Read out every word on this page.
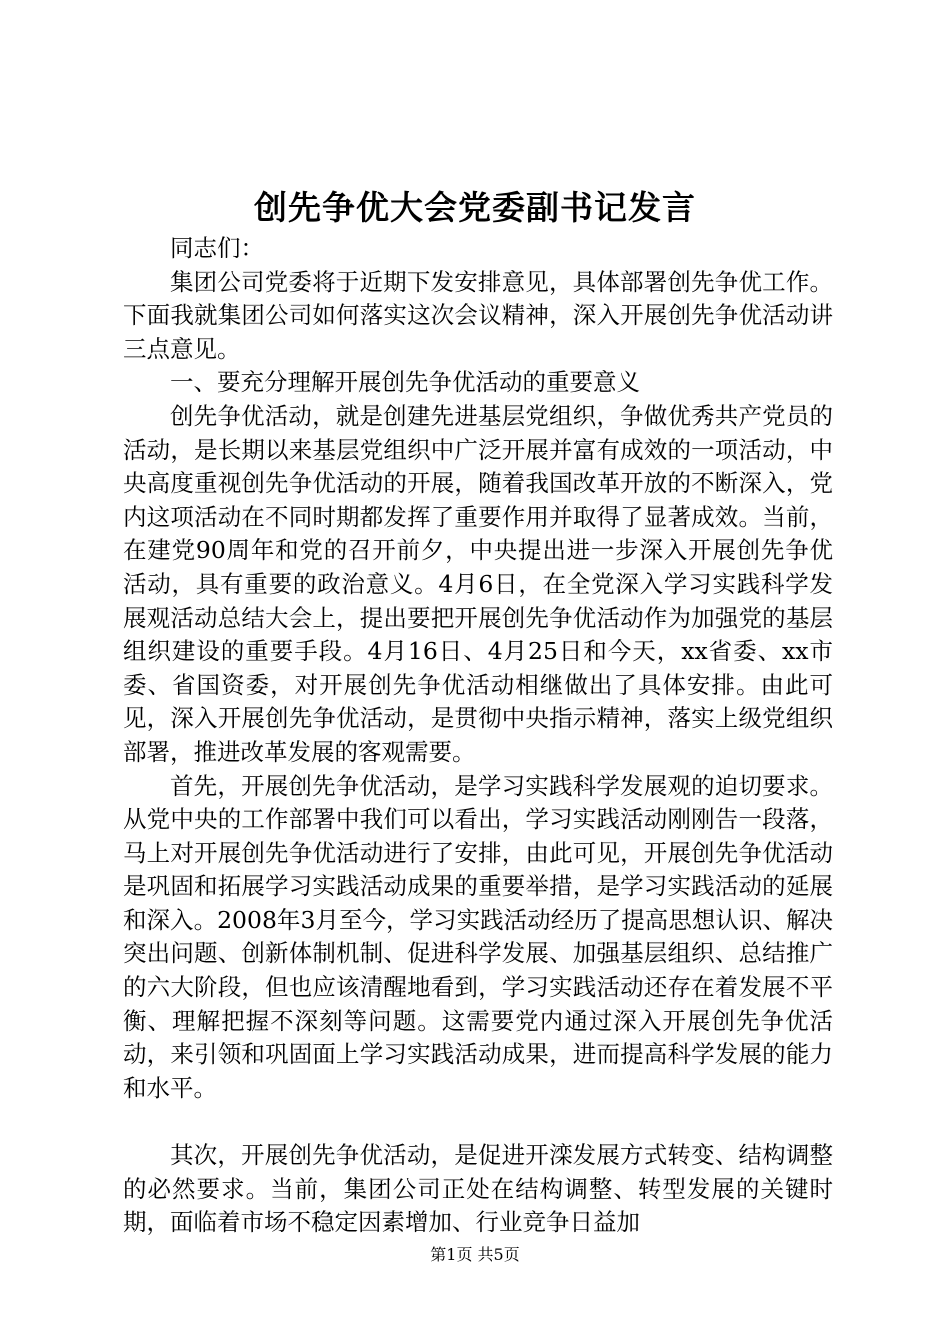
创先争优大会党委副书记发言

同志们：

集团公司党委将于近期下发安排意见，具体部署创先争优工作。下面我就集团公司如何落实这次会议精神，深入开展创先争优活动讲三点意见。

一、要充分理解开展创先争优活动的重要意义

创先争优活动，就是创建先进基层党组织，争做优秀共产党员的活动，是长期以来基层党组织中广泛开展并富有成效的一项活动，中央高度重视创先争优活动的开展，随着我国改革开放的不断深入，党内这项活动在不同时期都发挥了重要作用并取得了显著成效。当前，在建党90周年和党的召开前夕，中央提出进一步深入开展创先争优活动，具有重要的政治意义。4月6日，在全党深入学习实践科学发展观活动总结大会上，提出要把开展创先争优活动作为加强党的基层组织建设的重要手段。4月16日、4月25日和今天，xx省委、xx市委、省国资委，对开展创先争优活动相继做出了具体安排。由此可见，深入开展创先争优活动，是贯彻中央指示精神，落实上级党组织部署，推进改革发展的客观需要。

首先，开展创先争优活动，是学习实践科学发展观的迫切要求。从党中央的工作部署中我们可以看出，学习实践活动刚刚告一段落，马上对开展创先争优活动进行了安排，由此可见，开展创先争优活动是巩固和拓展学习实践活动成果的重要举措，是学习实践活动的延展和深入。2008年3月至今，学习实践活动经历了提高思想认识、解决突出问题、创新体制机制、促进科学发展、加强基层组织、总结推广的六大阶段，但也应该清醒地看到，学习实践活动还存在着发展不平衡、理解把握不深刻等问题。这需要党内通过深入开展创先争优活动，来引领和巩固面上学习实践活动成果，进而提高科学发展的能力和水平。

其次，开展创先争优活动，是促进开滦发展方式转变、结构调整的必然要求。当前，集团公司正处在结构调整、转型发展的关键时期，面临着市场不稳定因素增加、行业竞争日益加

第1页 共5页
